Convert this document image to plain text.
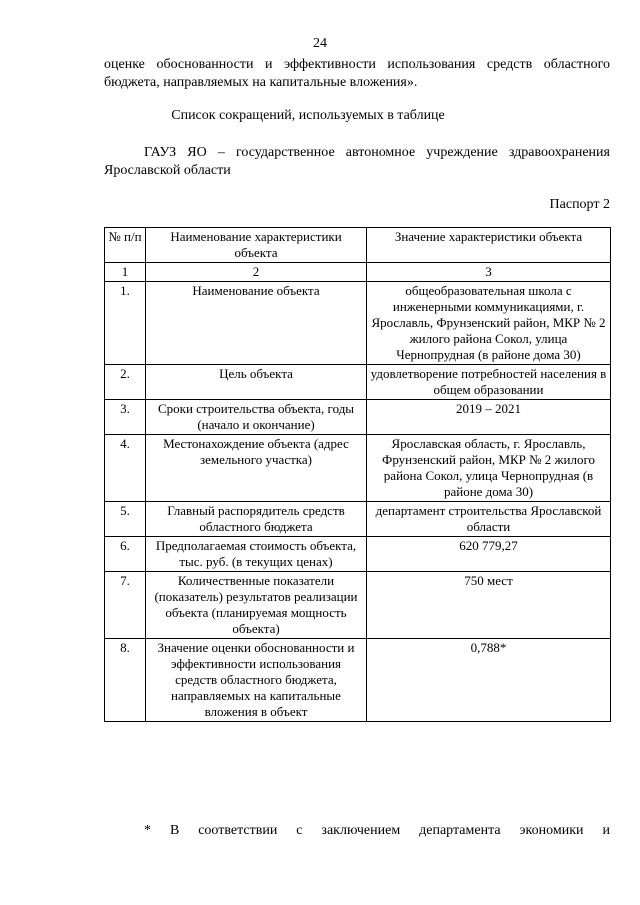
24
оценке обоснованности и эффективности использования средств областного бюджета, направляемых на капитальные вложения».
Список сокращений, используемых в таблице
ГАУЗ ЯО – государственное автономное учреждение здравоохранения Ярославской области
Паспорт 2
№ п/п	Наименование характеристики объекта	Значение характеристики объекта
1	2	3
1.	Наименование объекта	общеобразовательная школа с инженерными коммуникациями, г. Ярославль, Фрунзенский район, МКР № 2 жилого района Сокол, улица Чернопрудная (в районе дома 30)
2.	Цель объекта	удовлетворение потребностей населения в общем образовании
3.	Сроки строительства объекта, годы (начало и окончание)	2019 – 2021
4.	Местонахождение объекта (адрес земельного участка)	Ярославская область, г. Ярославль, Фрунзенский район, МКР № 2 жилого района Сокол, улица Чернопрудная (в районе дома 30)
5.	Главный распорядитель средств областного бюджета	департамент строительства Ярославской области
6.	Предполагаемая стоимость объекта, тыс. руб. (в текущих ценах)	620 779,27
7.	Количественные показатели (показатель) результатов реализации объекта (планируемая мощность объекта)	750 мест
8.	Значение оценки обоснованности и эффективности использования средств областного бюджета, направляемых на капитальные вложения в объект	0,788*
* В соответствии с заключением департамента экономики и
